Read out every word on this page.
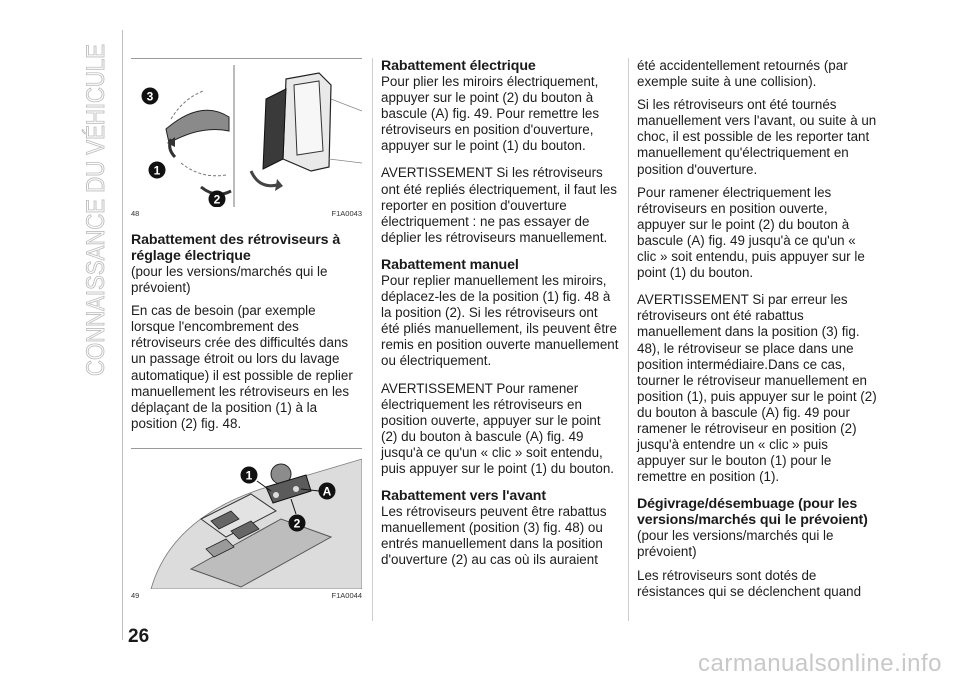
CONNAISSANCE DU VÉHICULE	3
1
2
48	F1A0043
Rabattement des rétroviseurs à réglage électrique

(pour les versions/marchés qui le prévoient)

En cas de besoin (par exemple lorsque l'encombrement des rétroviseurs crée des difficultés dans un passage étroit ou lors du lavage automatique) il est possible de replier manuellement les rétroviseurs en les déplaçant de la position (1) à la position (2) fig. 48.

1
A
2
49	F1A0044
Rabattement électrique

Pour plier les miroirs électriquement, appuyer sur le point (2) du bouton à bascule (A) fig. 49. Pour remettre les rétroviseurs en position d'ouverture, appuyer sur le point (1) du bouton.

AVERTISSEMENT Si les rétroviseurs ont été repliés électriquement, il faut les reporter en position d'ouverture électriquement : ne pas essayer de déplier les rétroviseurs manuellement.

Rabattement manuel

Pour replier manuellement les miroirs, déplacez-les de la position (1) fig. 48 à la position (2). Si les rétroviseurs ont été pliés manuellement, ils peuvent être remis en position ouverte manuellement ou électriquement.

AVERTISSEMENT Pour ramener électriquement les rétroviseurs en position ouverte, appuyer sur le point (2) du bouton à bascule (A) fig. 49 jusqu'à ce qu'un « clic » soit entendu, puis appuyer sur le point (1) du bouton.

Rabattement vers l'avant

Les rétroviseurs peuvent être rabattus manuellement (position (3) fig. 48) ou entrés manuellement dans la position d'ouverture (2) au cas où ils auraient

été accidentellement retournés (par exemple suite à une collision).

Si les rétroviseurs ont été tournés manuellement vers l'avant, ou suite à un choc, il est possible de les reporter tant manuellement qu'électriquement en position d'ouverture.

Pour ramener électriquement les rétroviseurs en position ouverte, appuyer sur le point (2) du bouton à bascule (A) fig. 49 jusqu'à ce qu'un « clic » soit entendu, puis appuyer sur le point (1) du bouton.

AVERTISSEMENT Si par erreur les rétroviseurs ont été rabattus manuellement dans la position (3) fig. 48), le rétroviseur se place dans une position intermédiaire.Dans ce cas, tourner le rétroviseur manuellement en position (1), puis appuyer sur le point (2) du bouton à bascule (A) fig. 49 pour ramener le rétroviseur en position (2) jusqu'à entendre un « clic » puis appuyer sur le bouton (1) pour le remettre en position (1).

Dégivrage/désembuage (pour les versions/marchés qui le prévoient)

(pour les versions/marchés qui le prévoient)

Les rétroviseurs sont dotés de résistances qui se déclenchent quand

26
carmanualsonline.info
